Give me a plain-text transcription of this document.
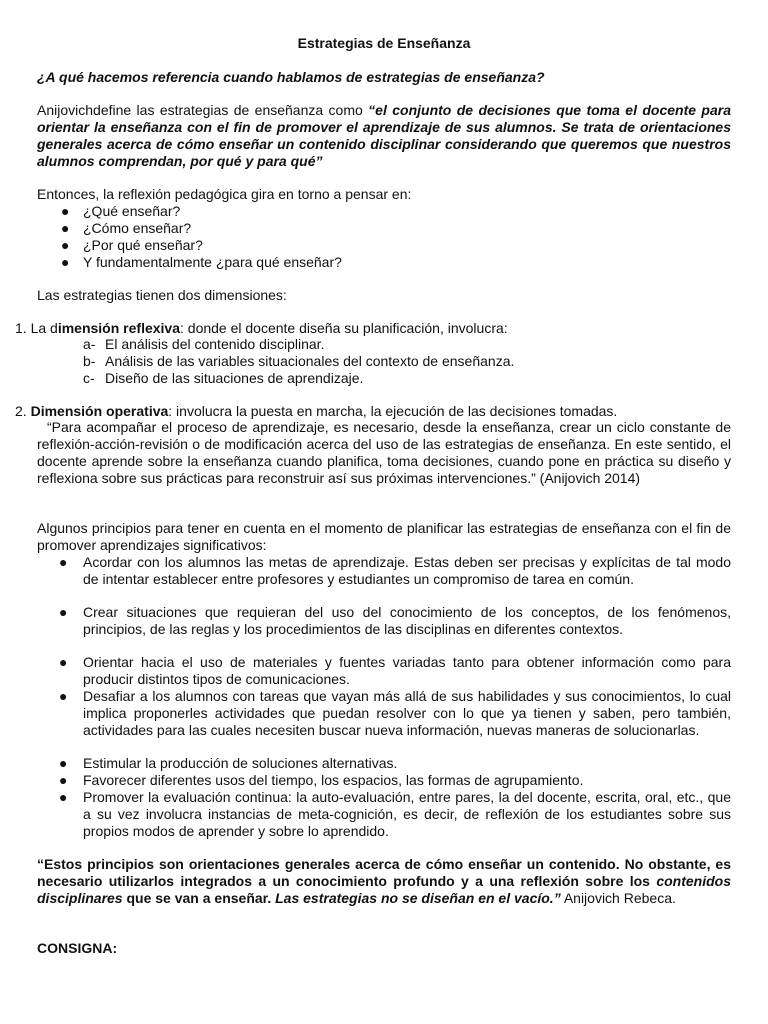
Estrategias de Enseñanza
¿A qué hacemos referencia cuando hablamos de estrategias de enseñanza?
Anijovichdefine las estrategias de enseñanza como “el conjunto de decisiones que toma el docente para orientar la enseñanza con el fin de promover el aprendizaje de sus alumnos. Se trata de orientaciones generales acerca de cómo enseñar un contenido disciplinar considerando que queremos que nuestros alumnos comprendan, por qué y para qué”
Entonces, la reflexión pedagógica gira en torno a pensar en:
● ¿Qué enseñar?
● ¿Cómo enseñar?
● ¿Por qué enseñar?
● Y fundamentalmente ¿para qué enseñar?
Las estrategias tienen dos dimensiones:
1. La dimensión reflexiva: donde el docente diseña su planificación, involucra:
a- El análisis del contenido disciplinar.
b- Análisis de las variables situacionales del contexto de enseñanza.
c- Diseño de las situaciones de aprendizaje.
2. Dimensión operativa: involucra la puesta en marcha, la ejecución de las decisiones tomadas.
“Para acompañar el proceso de aprendizaje, es necesario, desde la enseñanza, crear un ciclo constante de reflexión-acción-revisión o de modificación acerca del uso de las estrategias de enseñanza. En este sentido, el docente aprende sobre la enseñanza cuando planifica, toma decisiones, cuando pone en práctica su diseño y reflexiona sobre sus prácticas para reconstruir así sus próximas intervenciones.” (Anijovich 2014)
Algunos principios para tener en cuenta en el momento de planificar las estrategias de enseñanza con el fin de promover aprendizajes significativos:
● Acordar con los alumnos las metas de aprendizaje. Estas deben ser precisas y explícitas de tal modo de intentar establecer entre profesores y estudiantes un compromiso de tarea en común.
● Crear situaciones que requieran del uso del conocimiento de los conceptos, de los fenómenos, principios, de las reglas y los procedimientos de las disciplinas en diferentes contextos.
● Orientar hacia el uso de materiales y fuentes variadas tanto para obtener información como para producir distintos tipos de comunicaciones.
● Desafiar a los alumnos con tareas que vayan más allá de sus habilidades y sus conocimientos, lo cual implica proponerles actividades que puedan resolver con lo que ya tienen y saben, pero también, actividades para las cuales necesiten buscar nueva información, nuevas maneras de solucionarlas.
● Estimular la producción de soluciones alternativas.
● Favorecer diferentes usos del tiempo, los espacios, las formas de agrupamiento.
● Promover la evaluación continua: la auto-evaluación, entre pares, la del docente, escrita, oral, etc., que a su vez involucra instancias de meta-cognición, es decir, de reflexión de los estudiantes sobre sus propios modos de aprender y sobre lo aprendido.
“Estos principios son orientaciones generales acerca de cómo enseñar un contenido. No obstante, es necesario utilizarlos integrados a un conocimiento profundo y a una reflexión sobre los contenidos disciplinares que se van a enseñar. Las estrategias no se diseñan en el vacío.” Anijovich Rebeca.
CONSIGNA:
